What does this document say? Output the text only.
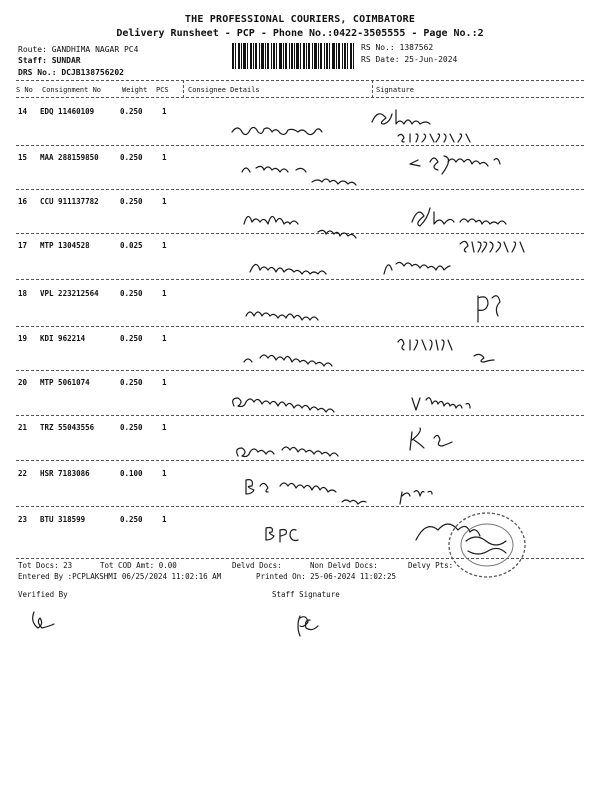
THE PROFESSIONAL COURIERS, COIMBATORE
Delivery Runsheet - PCP - Phone No.:0422-3505555 - Page No.:2
Route: GANDHIMA NAGAR PC4
Staff: SUNDAR
DRS No.: DCJB138756202
RS No.: 1387562
RS Date: 25-Jun-2024
S No Consignment No	Weight PCS	Consignee Details	Signature
14 EDQ 11460109	0.250	1
15 MAA 288159850	0.250	1
16 CCU 911137782	0.250	1
17 MTP 1304528	0.025	1
18 VPL 223212564	0.250	1
19 KDI 962214	0.250	1
20 MTP 5061074	0.250	1
21 TRZ 55043556	0.250	1
22 HSR 7183086	0.100	1
23 BTU 318599	0.250	1
Tot Docs: 23	Tot COD Amt: 0.00	Delvd Docs:	Non Delvd Docs:	Delvy Pts:
Entered By :PCPLAKSHMI 06/25/2024 11:02:16 AM	Printed On: 25-06-2024 11:02:25
Verified By	Staff Signature
